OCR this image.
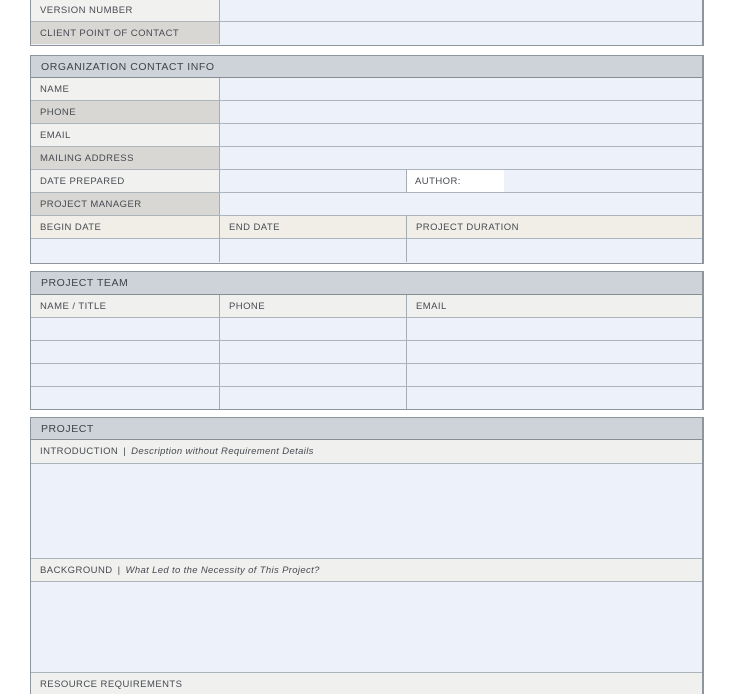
VERSION NUMBER
CLIENT POINT OF CONTACT
ORGANIZATION CONTACT INFO
NAME
PHONE
EMAIL
MAILING ADDRESS
DATE PREPARED	AUTHOR:
PROJECT MANAGER
BEGIN DATE	END DATE	PROJECT DURATION
PROJECT TEAM
NAME / TITLE	PHONE	EMAIL
PROJECT
INTRODUCTION | Description without Requirement Details
BACKGROUND | What Led to the Necessity of This Project?
RESOURCE REQUIREMENTS
